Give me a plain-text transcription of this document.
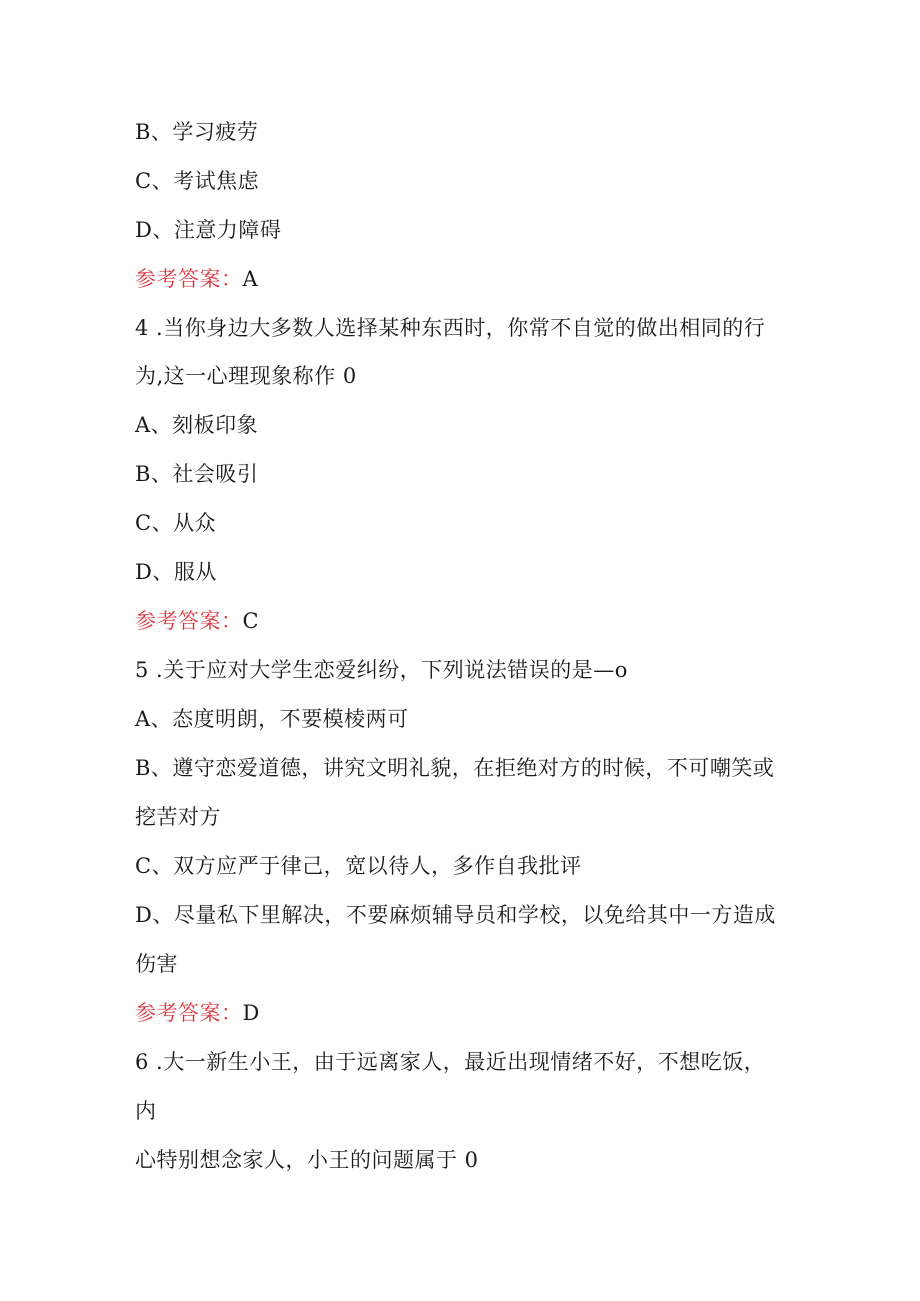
B、学习疲劳

C、考试焦虑

D、注意力障碍

参考答案：A

4 .当你身边大多数人选择某种东西时，你常不自觉的做出相同的行

为,这一心理现象称作 0

A、刻板印象

B、社会吸引

C、从众

D、服从

参考答案：C

5 .关于应对大学生恋爱纠纷，下列说法错误的是—o

A、态度明朗，不要模棱两可

B、遵守恋爱道德，讲究文明礼貌，在拒绝对方的时候，不可嘲笑或

挖苦对方

C、双方应严于律己，宽以待人，多作自我批评

D、尽量私下里解决，不要麻烦辅导员和学校，以免给其中一方造成

伤害

参考答案：D

6 .大一新生小王，由于远离家人，最近出现情绪不好，不想吃饭，

内

心特别想念家人，小王的问题属于 0
